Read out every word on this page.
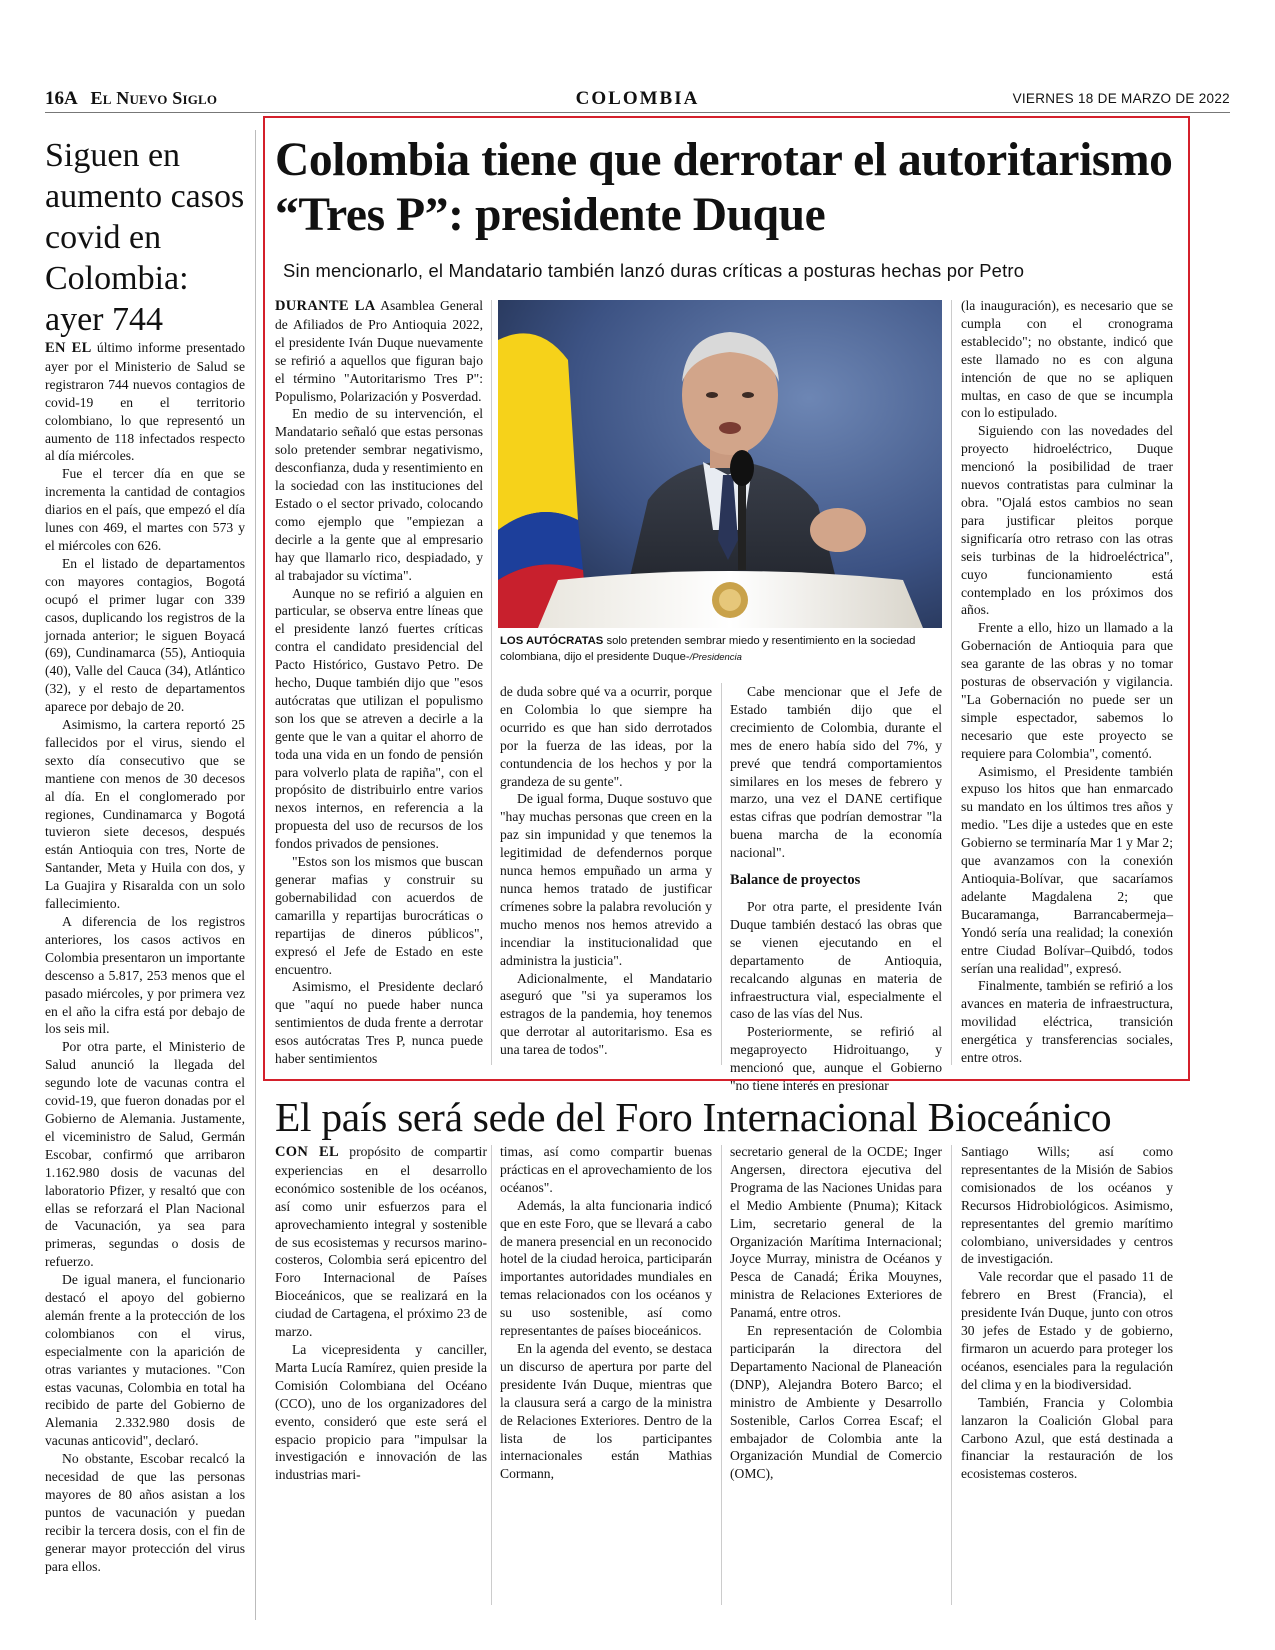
16A El Nuevo Siglo	COLOMBIA	VIERNES 18 DE MARZO DE 2022
Siguen en aumento casos covid en Colombia: ayer 744

EN EL último informe presentado ayer por el Ministerio de Salud se registraron 744 nuevos contagios de covid-19 en el territorio colombiano, lo que representó un aumento de 118 infectados respecto al día miércoles.

Fue el tercer día en que se incrementa la cantidad de contagios diarios en el país, que empezó el día lunes con 469, el martes con 573 y el miércoles con 626.

En el listado de departamentos con mayores contagios, Bogotá ocupó el primer lugar con 339 casos, duplicando los registros de la jornada anterior; le siguen Boyacá (69), Cundinamarca (55), Antioquia (40), Valle del Cauca (34), Atlántico (32), y el resto de departamentos aparece por debajo de 20.

Asimismo, la cartera reportó 25 fallecidos por el virus, siendo el sexto día consecutivo que se mantiene con menos de 30 decesos al día. En el conglomerado por regiones, Cundinamarca y Bogotá tuvieron siete decesos, después están Antioquia con tres, Norte de Santander, Meta y Huila con dos, y La Guajira y Risaralda con un solo fallecimiento.

A diferencia de los registros anteriores, los casos activos en Colombia presentaron un importante descenso a 5.817, 253 menos que el pasado miércoles, y por primera vez en el año la cifra está por debajo de los seis mil.

Por otra parte, el Ministerio de Salud anunció la llegada del segundo lote de vacunas contra el covid-19, que fueron donadas por el Gobierno de Alemania. Justamente, el viceministro de Salud, Germán Escobar, confirmó que arribaron 1.162.980 dosis de vacunas del laboratorio Pfizer, y resaltó que con ellas se reforzará el Plan Nacional de Vacunación, ya sea para primeras, segundas o dosis de refuerzo.

De igual manera, el funcionario destacó el apoyo del gobierno alemán frente a la protección de los colombianos con el virus, especialmente con la aparición de otras variantes y mutaciones. "Con estas vacunas, Colombia en total ha recibido de parte del Gobierno de Alemania 2.332.980 dosis de vacunas anticovid", declaró.

No obstante, Escobar recalcó la necesidad de que las personas mayores de 80 años asistan a los puntos de vacunación y puedan recibir la tercera dosis, con el fin de generar mayor protección del virus para ellos.

Colombia tiene que derrotar el autoritarismo “Tres P”: presidente Duque
Sin mencionarlo, el Mandatario también lanzó duras críticas a posturas hechas por Petro

DURANTE LA Asamblea General de Afiliados de Pro Antioquia 2022, el presidente Iván Duque nuevamente se refirió a aquellos que figuran bajo el término "Autoritarismo Tres P": Populismo, Polarización y Posverdad.

En medio de su intervención, el Mandatario señaló que estas personas solo pretender sembrar negativismo, desconfianza, duda y resentimiento en la sociedad con las instituciones del Estado o el sector privado, colocando como ejemplo que "empiezan a decirle a la gente que al empresario hay que llamarlo rico, despiadado, y al trabajador su víctima".

Aunque no se refirió a alguien en particular, se observa entre líneas que el presidente lanzó fuertes críticas contra el candidato presidencial del Pacto Histórico, Gustavo Petro. De hecho, Duque también dijo que "esos autócratas que utilizan el populismo son los que se atreven a decirle a la gente que le van a quitar el ahorro de toda una vida en un fondo de pensión para volverlo plata de rapiña", con el propósito de distribuirlo entre varios nexos internos, en referencia a la propuesta del uso de recursos de los fondos privados de pensiones.

"Estos son los mismos que buscan generar mafias y construir su gobernabilidad con acuerdos de camarilla y repartijas burocráticas o repartijas de dineros públicos", expresó el Jefe de Estado en este encuentro.

Asimismo, el Presidente declaró que "aquí no puede haber nunca sentimientos de duda frente a derrotar esos autócratas Tres P, nunca puede haber sentimientos

LOS AUTÓCRATAS solo pretenden sembrar miedo y resentimiento en la sociedad colombiana, dijo el presidente Duque-/Presidencia

de duda sobre qué va a ocurrir, porque en Colombia lo que siempre ha ocurrido es que han sido derrotados por la fuerza de las ideas, por la contundencia de los hechos y por la grandeza de su gente".

De igual forma, Duque sostuvo que "hay muchas personas que creen en la paz sin impunidad y que tenemos la legitimidad de defendernos porque nunca hemos empuñado un arma y nunca hemos tratado de justificar crímenes sobre la palabra revolución y mucho menos nos hemos atrevido a incendiar la institucionalidad que administra la justicia".

Adicionalmente, el Mandatario aseguró que "si ya superamos los estragos de la pandemia, hoy tenemos que derrotar al autoritarismo. Esa es una tarea de todos".

Cabe mencionar que el Jefe de Estado también dijo que el crecimiento de Colombia, durante el mes de enero había sido del 7%, y prevé que tendrá comportamientos similares en los meses de febrero y marzo, una vez el DANE certifique estas cifras que podrían demostrar "la buena marcha de la economía nacional".

Balance de proyectos

Por otra parte, el presidente Iván Duque también destacó las obras que se vienen ejecutando en el departamento de Antioquia, recalcando algunas en materia de infraestructura vial, especialmente el caso de las vías del Nus.

Posteriormente, se refirió al megaproyecto Hidroituango, y mencionó que, aunque el Gobierno "no tiene interés en presionar

(la inauguración), es necesario que se cumpla con el cronograma establecido"; no obstante, indicó que este llamado no es con alguna intención de que no se apliquen multas, en caso de que se incumpla con lo estipulado.

Siguiendo con las novedades del proyecto hidroeléctrico, Duque mencionó la posibilidad de traer nuevos contratistas para culminar la obra. "Ojalá estos cambios no sean para justificar pleitos porque significaría otro retraso con las otras seis turbinas de la hidroeléctrica", cuyo funcionamiento está contemplado en los próximos dos años.

Frente a ello, hizo un llamado a la Gobernación de Antioquia para que sea garante de las obras y no tomar posturas de observación y vigilancia. "La Gobernación no puede ser un simple espectador, sabemos lo necesario que este proyecto se requiere para Colombia", comentó.

Asimismo, el Presidente también expuso los hitos que han enmarcado su mandato en los últimos tres años y medio. "Les dije a ustedes que en este Gobierno se terminaría Mar 1 y Mar 2; que avanzamos con la conexión Antioquia-Bolívar, que sacaríamos adelante Magdalena 2; que Bucaramanga, Barrancabermeja–Yondó sería una realidad; la conexión entre Ciudad Bolívar–Quibdó, todos serían una realidad", expresó.

Finalmente, también se refirió a los avances en materia de infraestructura, movilidad eléctrica, transición energética y transferencias sociales, entre otros.

El país será sede del Foro Internacional Bioceánico

CON EL propósito de compartir experiencias en el desarrollo económico sostenible de los océanos, así como unir esfuerzos para el aprovechamiento integral y sostenible de sus ecosistemas y recursos marino-costeros, Colombia será epicentro del Foro Internacional de Países Bioceánicos, que se realizará en la ciudad de Cartagena, el próximo 23 de marzo.

La vicepresidenta y canciller, Marta Lucía Ramírez, quien preside la Comisión Colombiana del Océano (CCO), uno de los organizadores del evento, consideró que este será el espacio propicio para "impulsar la investigación e innovación de las industrias mari-

timas, así como compartir buenas prácticas en el aprovechamiento de los océanos".

Además, la alta funcionaria indicó que en este Foro, que se llevará a cabo de manera presencial en un reconocido hotel de la ciudad heroica, participarán importantes autoridades mundiales en temas relacionados con los océanos y su uso sostenible, así como representantes de países bioceánicos.

En la agenda del evento, se destaca un discurso de apertura por parte del presidente Iván Duque, mientras que la clausura será a cargo de la ministra de Relaciones Exteriores. Dentro de la lista de los participantes internacionales están Mathias Cormann,

secretario general de la OCDE; Inger Angersen, directora ejecutiva del Programa de las Naciones Unidas para el Medio Ambiente (Pnuma); Kitack Lim, secretario general de la Organización Marítima Internacional; Joyce Murray, ministra de Océanos y Pesca de Canadá; Érika Mouynes, ministra de Relaciones Exteriores de Panamá, entre otros.

En representación de Colombia participarán la directora del Departamento Nacional de Planeación (DNP), Alejandra Botero Barco; el ministro de Ambiente y Desarrollo Sostenible, Carlos Correa Escaf; el embajador de Colombia ante la Organización Mundial de Comercio (OMC),

Santiago Wills; así como representantes de la Misión de Sabios comisionados de los océanos y Recursos Hidrobiológicos. Asimismo, representantes del gremio marítimo colombiano, universidades y centros de investigación.

Vale recordar que el pasado 11 de febrero en Brest (Francia), el presidente Iván Duque, junto con otros 30 jefes de Estado y de gobierno, firmaron un acuerdo para proteger los océanos, esenciales para la regulación del clima y en la biodiversidad.

También, Francia y Colombia lanzaron la Coalición Global para Carbono Azul, que está destinada a financiar la restauración de los ecosistemas costeros.
